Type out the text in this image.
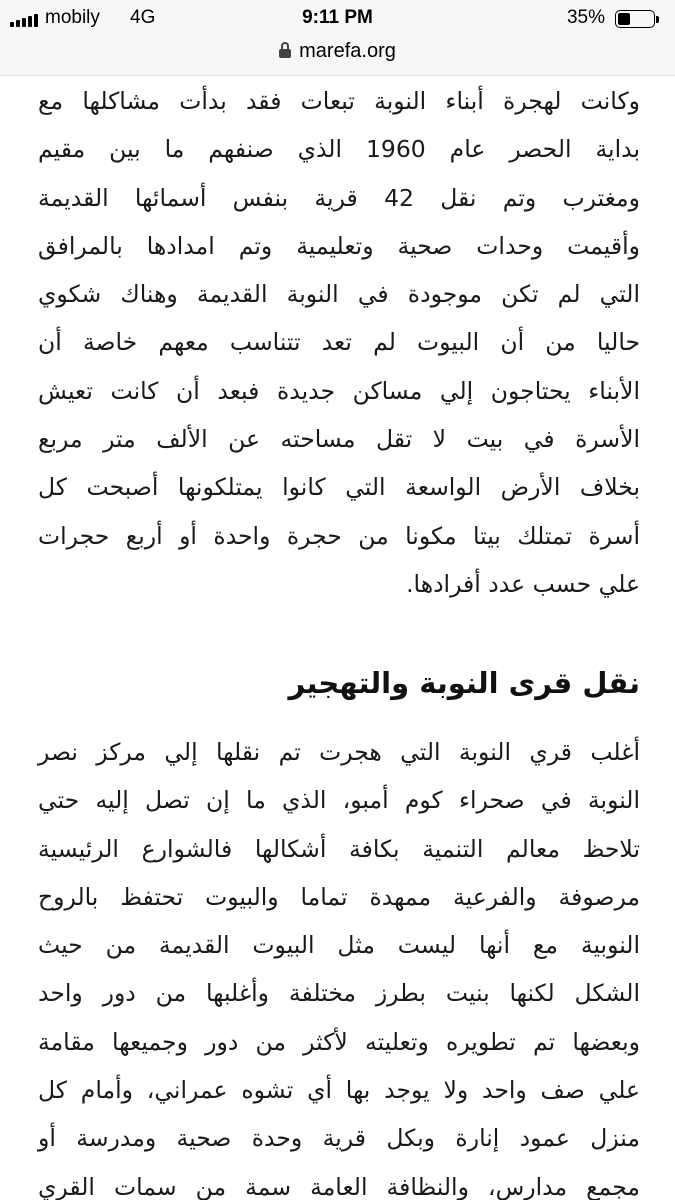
mobily 4G	9:11 PM	35%
marefa.org
وكانت لهجرة أبناء النوبة تبعات فقد بدأت مشاكلها مع
بداية الحصر عام 1960 الذي صنفهم ما بين مقيم
ومغترب وتم نقل 42 قرية بنفس أسمائها القديمة
وأقيمت وحدات صحية وتعليمية وتم امدادها بالمرافق
التي لم تكن موجودة في النوبة القديمة وهناك شكوي
حاليا من أن البيوت لم تعد تتناسب معهم خاصة أن
الأبناء يحتاجون إلي مساكن جديدة فبعد أن كانت تعيش
الأسرة في بيت لا تقل مساحته عن الألف متر مربع
بخلاف الأرض الواسعة التي كانوا يمتلكونها أصبحت كل
أسرة تمتلك بيتا مكونا من حجرة واحدة أو أربع حجرات
علي حسب عدد أفرادها.
نقل قرى النوبة والتهجير
أغلب قري النوبة التي هجرت تم نقلها إلي مركز نصر
النوبة في صحراء كوم أمبو، الذي ما إن تصل إليه حتي
تلاحظ معالم التنمية بكافة أشكالها فالشوارع الرئيسية
مرصوفة والفرعية ممهدة تماما والبيوت تحتفظ بالروح
النوبية مع أنها ليست مثل البيوت القديمة من حيث
الشكل لكنها بنيت بطرز مختلفة وأغلبها من دور واحد
وبعضها تم تطويره وتعليته لأكثر من دور وجميعها مقامة
علي صف واحد ولا يوجد بها أي تشوه عمراني، وأمام كل
منزل عمود إنارة وبكل قرية وحدة صحية ومدرسة أو
مجمع مدارس، والنظافة العامة سمة من سمات القري
